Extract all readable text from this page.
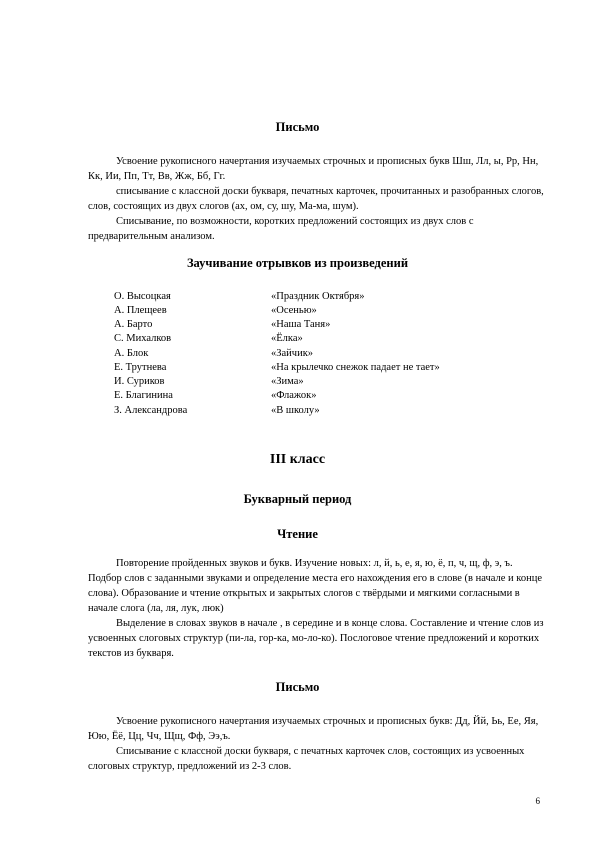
Письмо

Усвоение рукописного начертания изучаемых строчных и прописных букв Шш, Лл, ы, Рр, Нн, Кк, Ии, Пп, Тт, Вв, Жж, Бб, Гг.

списывание с классной доски букваря, печатных карточек, прочитанных и разобранных слогов, слов, состоящих из двух слогов (ах, ом, су, шу, Ма-ма, шум).

Списывание, по возможности, коротких предложений состоящих из двух слов с предварительным анализом.

Заучивание отрывков из произведений
О. Высоцкая	«Праздник Октября»
А. Плещеев	«Осенью»
А. Барто	«Наша Таня»
С. Михалков	«Ёлка»
А. Блок	«Зайчик»
Е. Трутнева	«На крылечко снежок падает не тает»
И. Суриков	«Зима»
Е. Благинина	«Флажок»
З. Александрова	«В школу»
III класс
Букварный период
Чтение

Повторение пройденных звуков и букв. Изучение новых: л, й, ь, е, я, ю, ё, п, ч, щ, ф, э, ъ. Подбор слов с заданными звуками и определение места его нахождения его в слове (в начале и конце слова). Образование и чтение открытых и закрытых слогов с твёрдыми и мягкими согласными в начале слога (ла, ля, лук, люк)

Выделение в словах звуков в начале , в середине и в конце слова. Составление и чтение слов из усвоенных слоговых структур (пи-ла, гор-ка, мо-ло-ко). Послоговое чтение предложений и коротких текстов из букваря.

Письмо

Усвоение рукописного начертания изучаемых строчных и прописных букв: Дд, Йй, Ьь, Ее, Яя, Юю, Ёё, Цц, Чч, Щщ, Фф, Ээ,ъ.

Списывание с классной доски букваря, с печатных карточек слов, состоящих из усвоенных слоговых структур, предложений из 2-3 слов.

6
